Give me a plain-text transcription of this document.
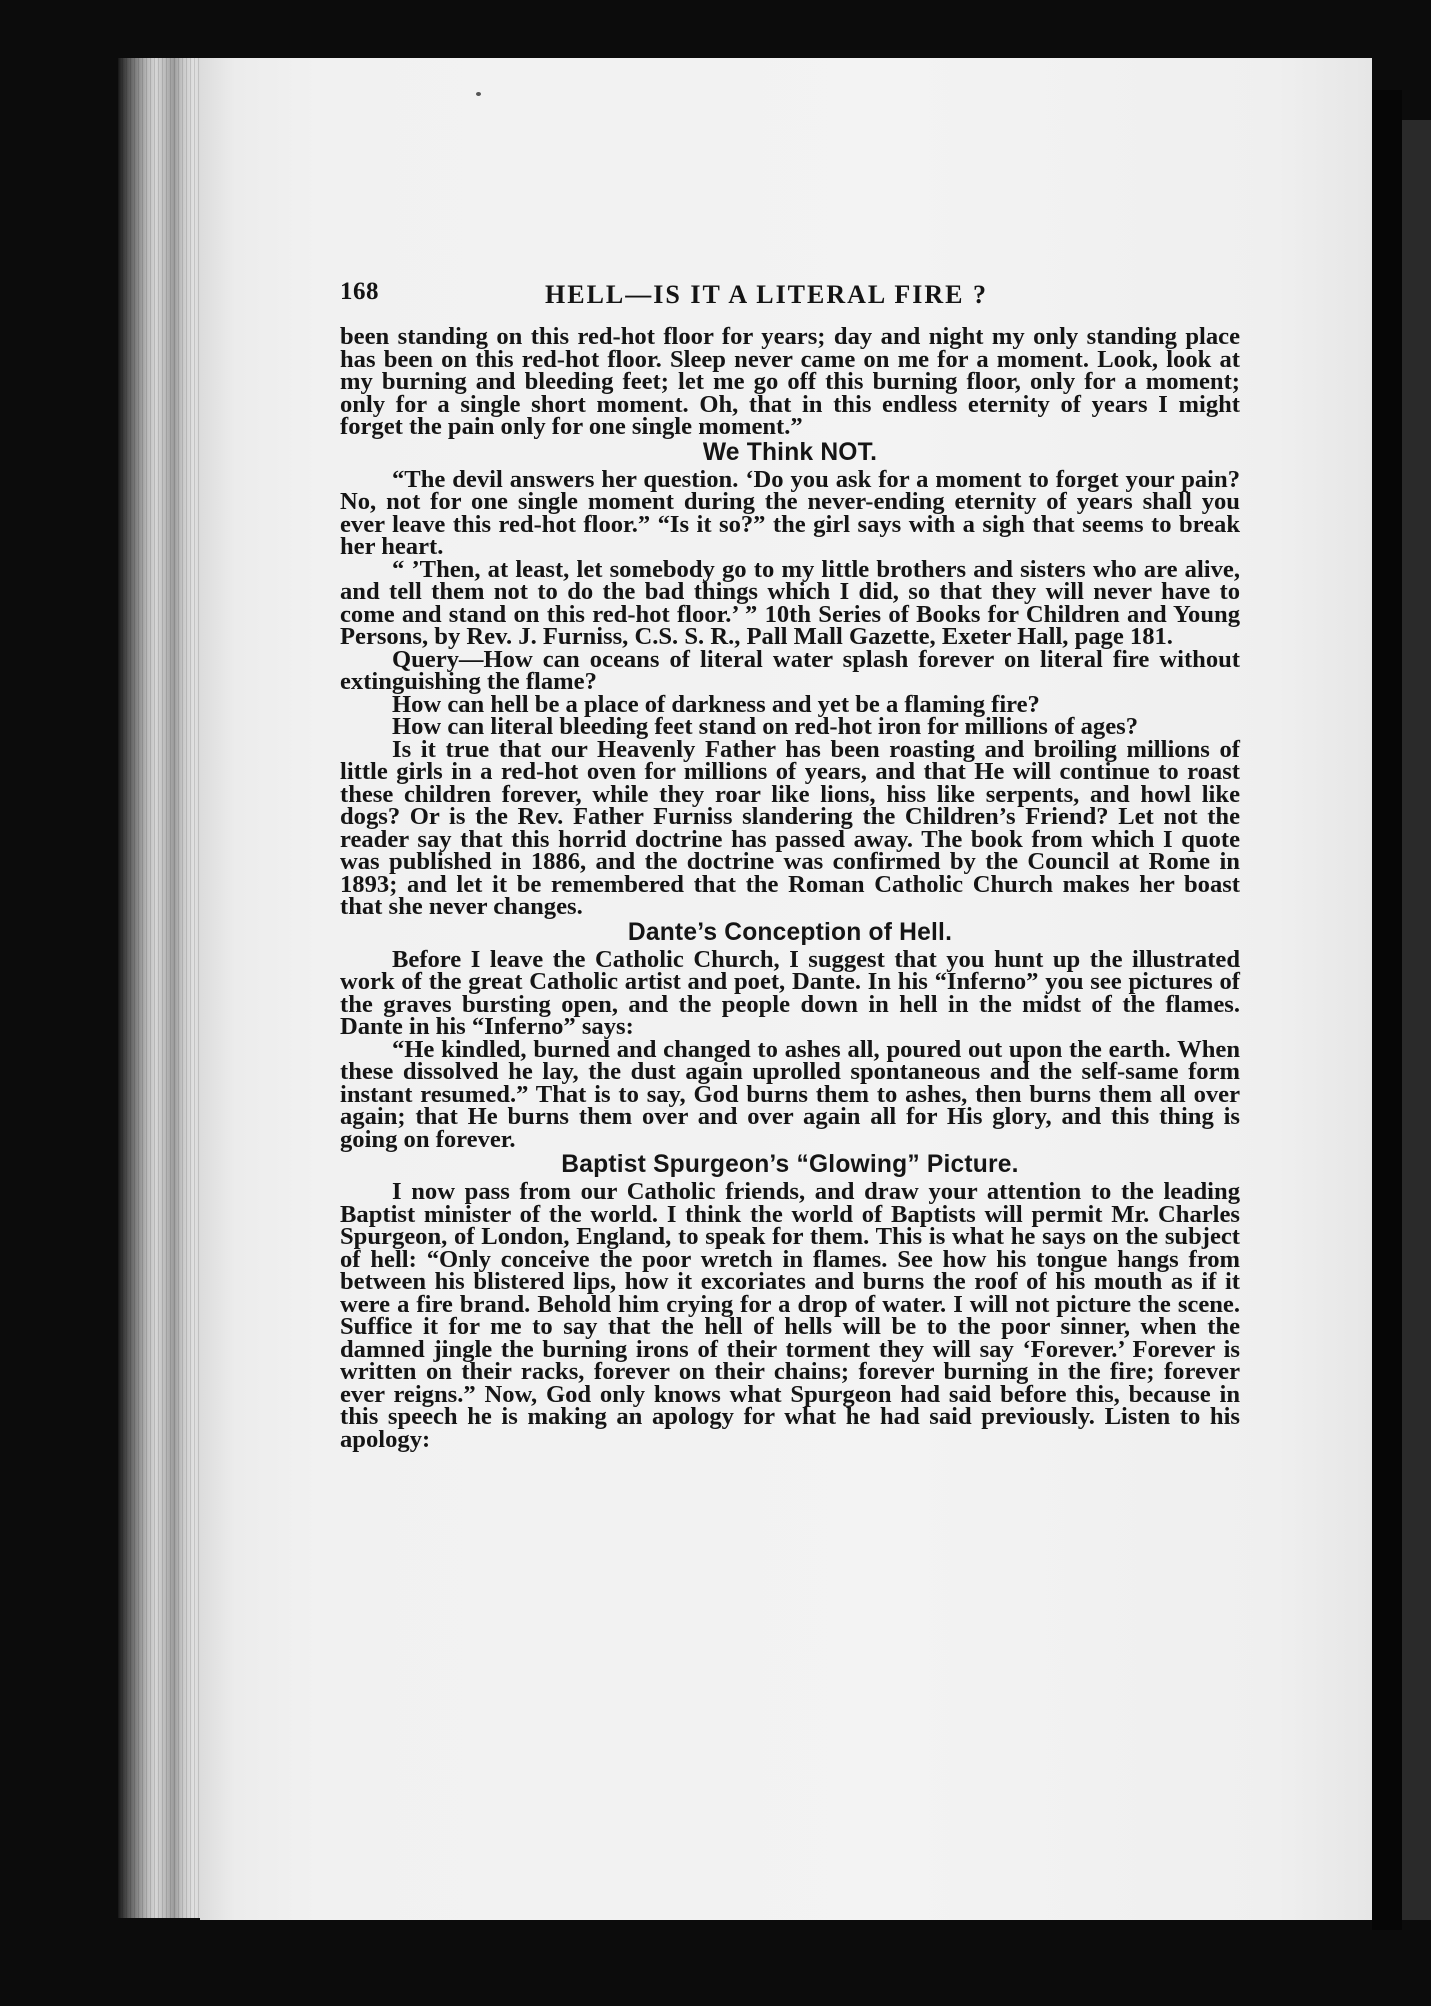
168	HELL—IS IT A LITERAL FIRE ?

been standing on this red-hot floor for years; day and night my only standing place has been on this red-hot floor. Sleep never came on me for a moment. Look, look at my burning and bleeding feet; let me go off this burning floor, only for a moment; only for a single short moment. Oh, that in this endless eternity of years I might forget the pain only for one single moment.”

We Think NOT.

“The devil answers her question. ‘Do you ask for a moment to forget your pain? No, not for one single moment during the never-ending eternity of years shall you ever leave this red-hot floor.” “Is it so?” the girl says with a sigh that seems to break her heart.

“ ’Then, at least, let somebody go to my little brothers and sisters who are alive, and tell them not to do the bad things which I did, so that they will never have to come and stand on this red-hot floor.’ ” 10th Series of Books for Children and Young Persons, by Rev. J. Furniss, C.S. S. R., Pall Mall Gazette, Exeter Hall, page 181.

Query—How can oceans of literal water splash forever on literal fire without extinguishing the flame?

How can hell be a place of darkness and yet be a flaming fire?

How can literal bleeding feet stand on red-hot iron for millions of ages?

Is it true that our Heavenly Father has been roasting and broiling millions of little girls in a red-hot oven for millions of years, and that He will continue to roast these children forever, while they roar like lions, hiss like serpents, and howl like dogs? Or is the Rev. Father Furniss slandering the Children’s Friend? Let not the reader say that this horrid doctrine has passed away. The book from which I quote was published in 1886, and the doctrine was confirmed by the Council at Rome in 1893; and let it be remembered that the Roman Catholic Church makes her boast that she never changes.

Dante’s Conception of Hell.

Before I leave the Catholic Church, I suggest that you hunt up the illustrated work of the great Catholic artist and poet, Dante. In his “Inferno” you see pictures of the graves bursting open, and the people down in hell in the midst of the flames. Dante in his “Inferno” says:

“He kindled, burned and changed to ashes all, poured out upon the earth. When these dissolved he lay, the dust again uprolled spontaneous and the self-same form instant resumed.” That is to say, God burns them to ashes, then burns them all over again; that He burns them over and over again all for His glory, and this thing is going on forever.

Baptist Spurgeon’s “Glowing” Picture.

I now pass from our Catholic friends, and draw your attention to the leading Baptist minister of the world. I think the world of Baptists will permit Mr. Charles Spurgeon, of London, England, to speak for them. This is what he says on the subject of hell: “Only conceive the poor wretch in flames. See how his tongue hangs from between his blistered lips, how it excoriates and burns the roof of his mouth as if it were a fire brand. Behold him crying for a drop of water. I will not picture the scene. Suffice it for me to say that the hell of hells will be to the poor sinner, when the damned jingle the burning irons of their torment they will say ‘Forever.’ Forever is written on their racks, forever on their chains; forever burning in the fire; forever ever reigns.” Now, God only knows what Spurgeon had said before this, because in this speech he is making an apology for what he had said previously. Listen to his apology:
